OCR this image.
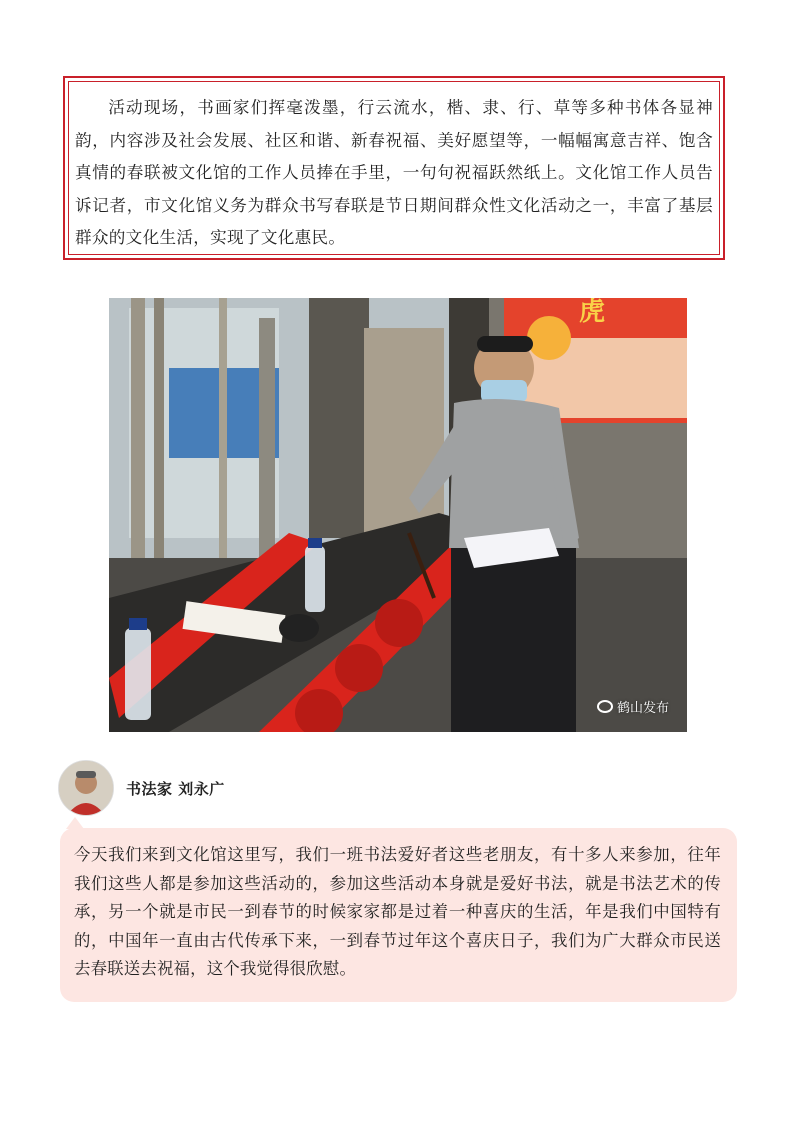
活动现场，书画家们挥毫泼墨，行云流水，楷、隶、行、草等多种书体各显神韵，内容涉及社会发展、社区和谐、新春祝福、美好愿望等，一幅幅寓意吉祥、饱含真情的春联被文化馆的工作人员捧在手里，一句句祝福跃然纸上。文化馆工作人员告诉记者，市文化馆义务为群众书写春联是节日期间群众性文化活动之一，丰富了基层群众的文化生活，实现了文化惠民。

虎
鹤山发布
书法家 刘永广

今天我们来到文化馆这里写，我们一班书法爱好者这些老朋友，有十多人来参加，往年我们这些人都是参加这些活动的，参加这些活动本身就是爱好书法，就是书法艺术的传承，另一个就是市民一到春节的时候家家都是过着一种喜庆的生活，年是我们中国特有的，中国年一直由古代传承下来，一到春节过年这个喜庆日子，我们为广大群众市民送去春联送去祝福，这个我觉得很欣慰。
